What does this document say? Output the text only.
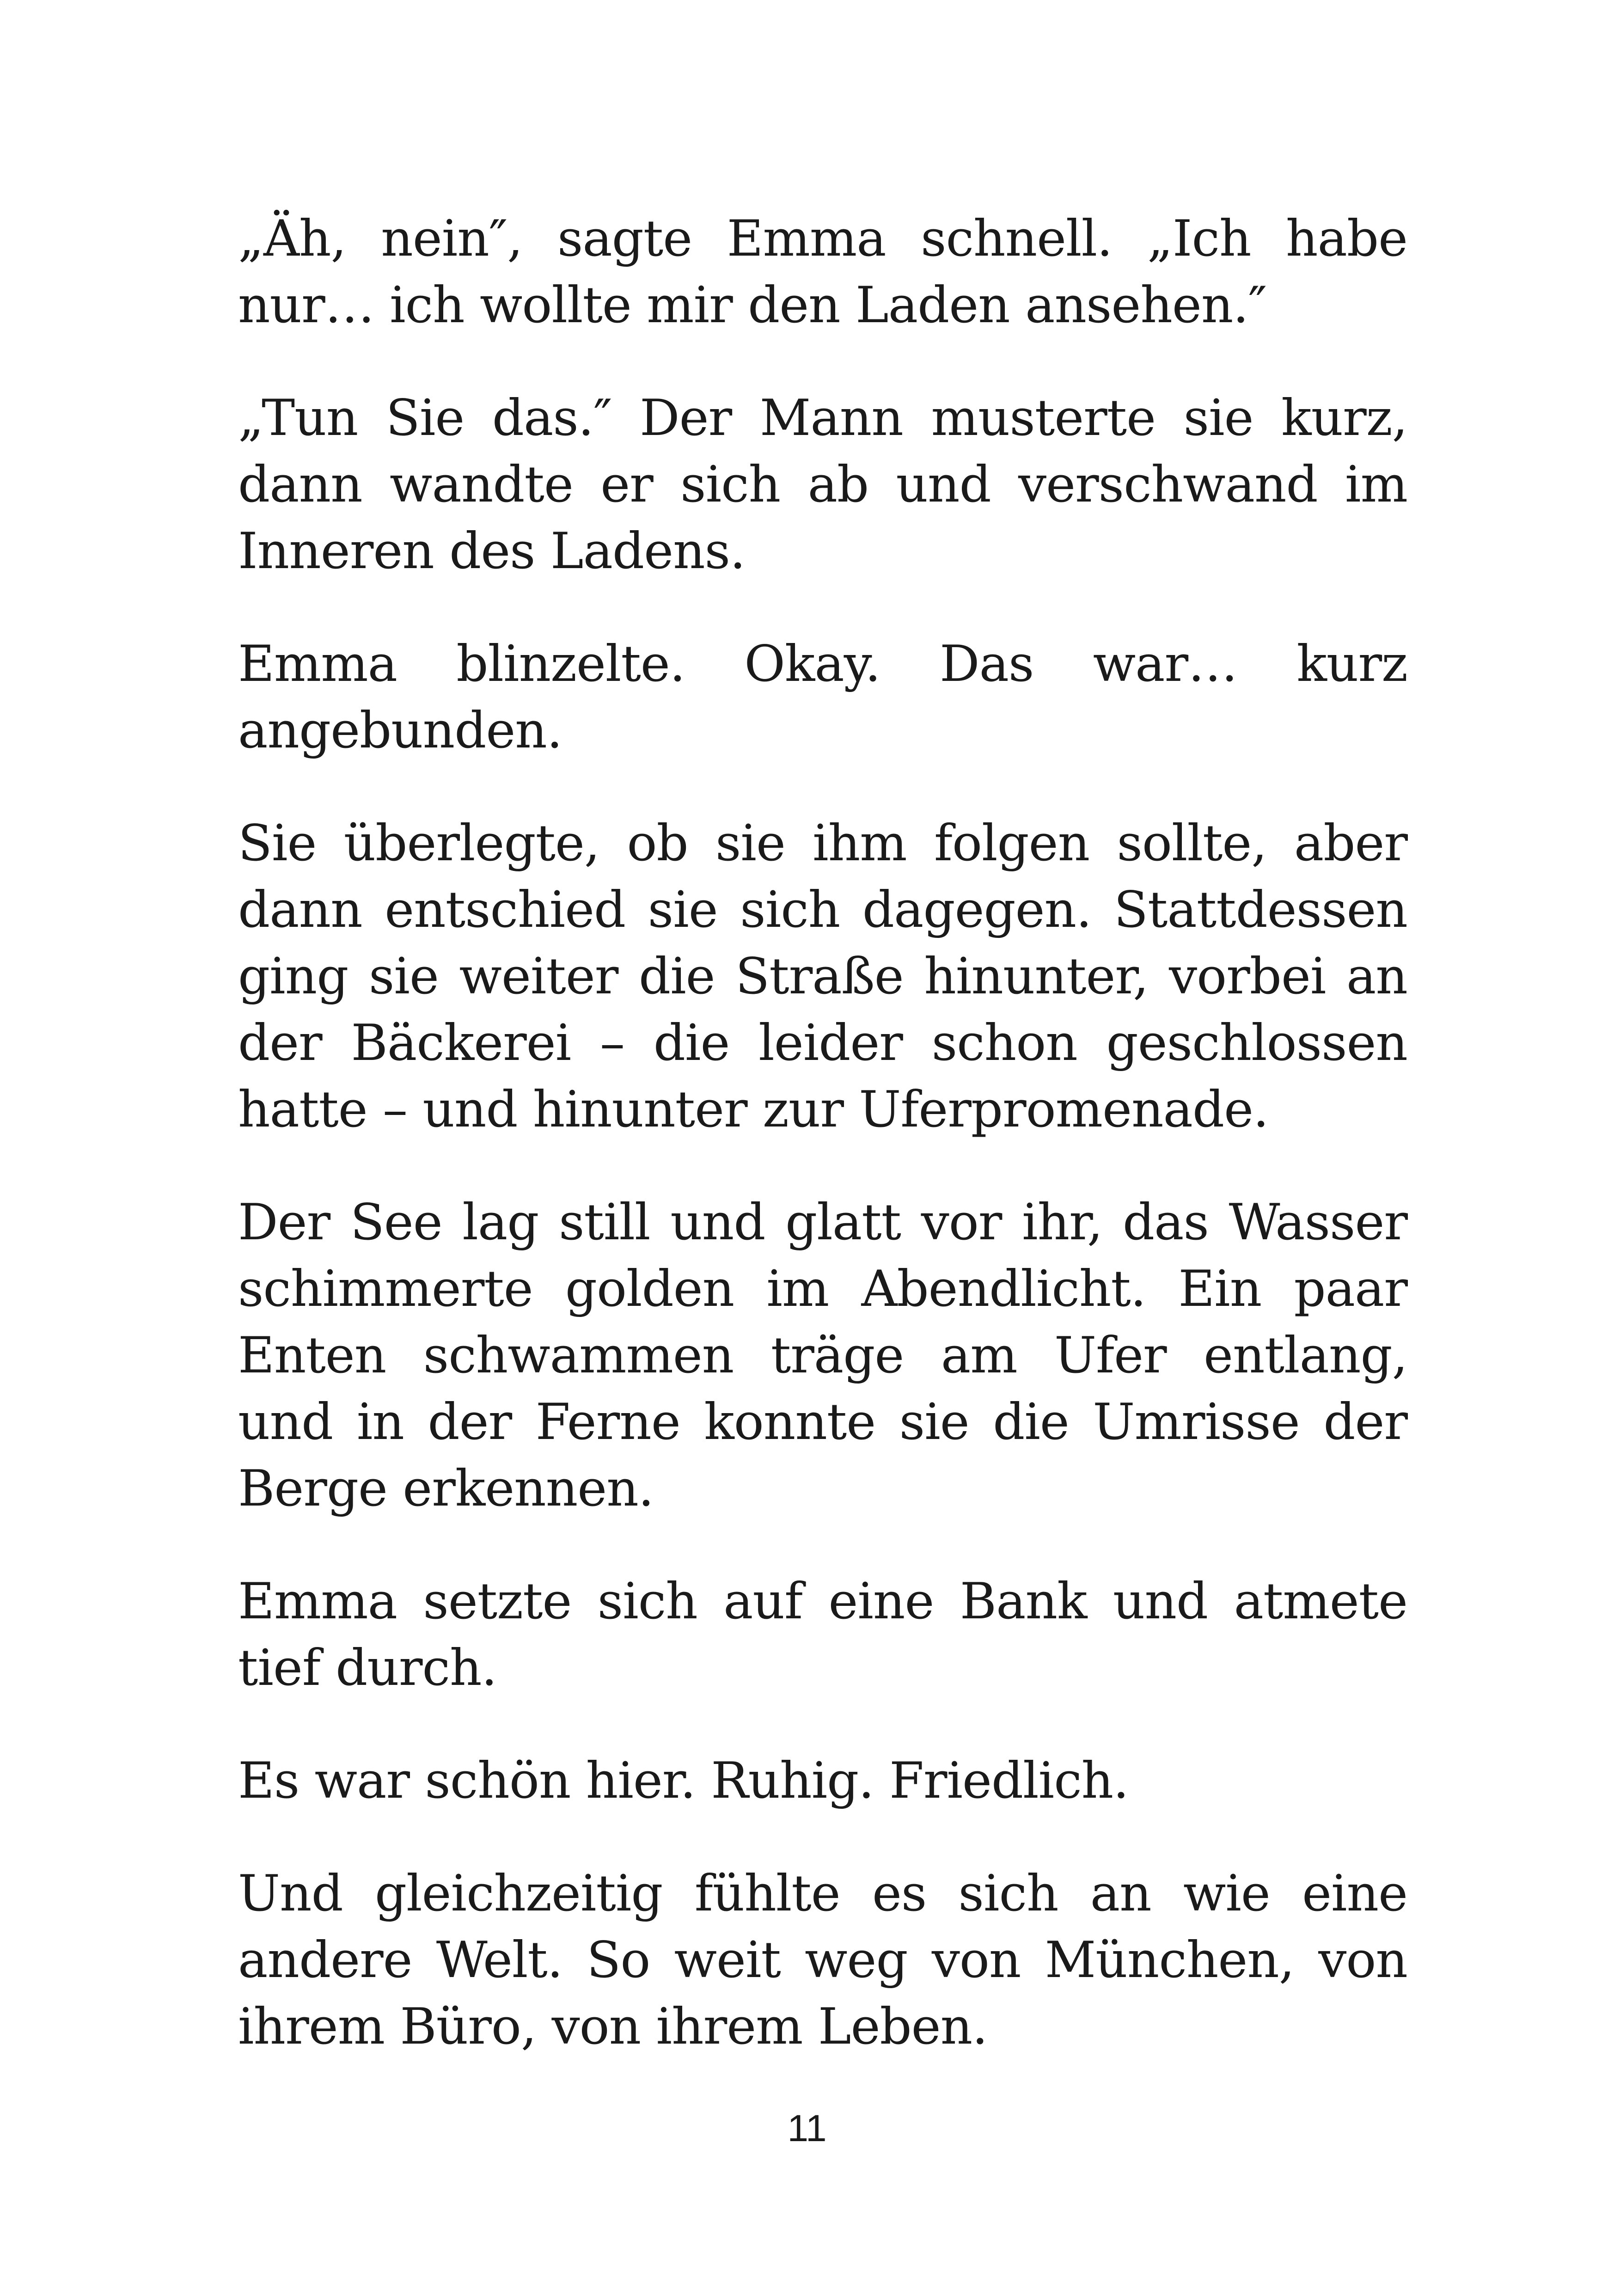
„Äh, nein″, sagte Emma schnell. „Ich habe nur… ich wollte mir den Laden ansehen.″

„Tun Sie das.″ Der Mann musterte sie kurz, dann wandte er sich ab und verschwand im Inneren des Ladens.

Emma blinzelte. Okay. Das war… kurz angebunden.

Sie überlegte, ob sie ihm folgen sollte, aber dann entschied sie sich dagegen. Stattdessen ging sie weiter die Straße hinunter, vorbei an der Bäckerei – die leider schon geschlossen hatte – und hinunter zur Uferpromenade.

Der See lag still und glatt vor ihr, das Wasser schimmerte golden im Abendlicht. Ein paar Enten schwammen träge am Ufer entlang, und in der Ferne konnte sie die Umrisse der Berge erkennen.

Emma setzte sich auf eine Bank und atmete tief durch.

Es war schön hier. Ruhig. Friedlich.

Und gleichzeitig fühlte es sich an wie eine andere Welt. So weit weg von München, von ihrem Büro, von ihrem Leben.

11
